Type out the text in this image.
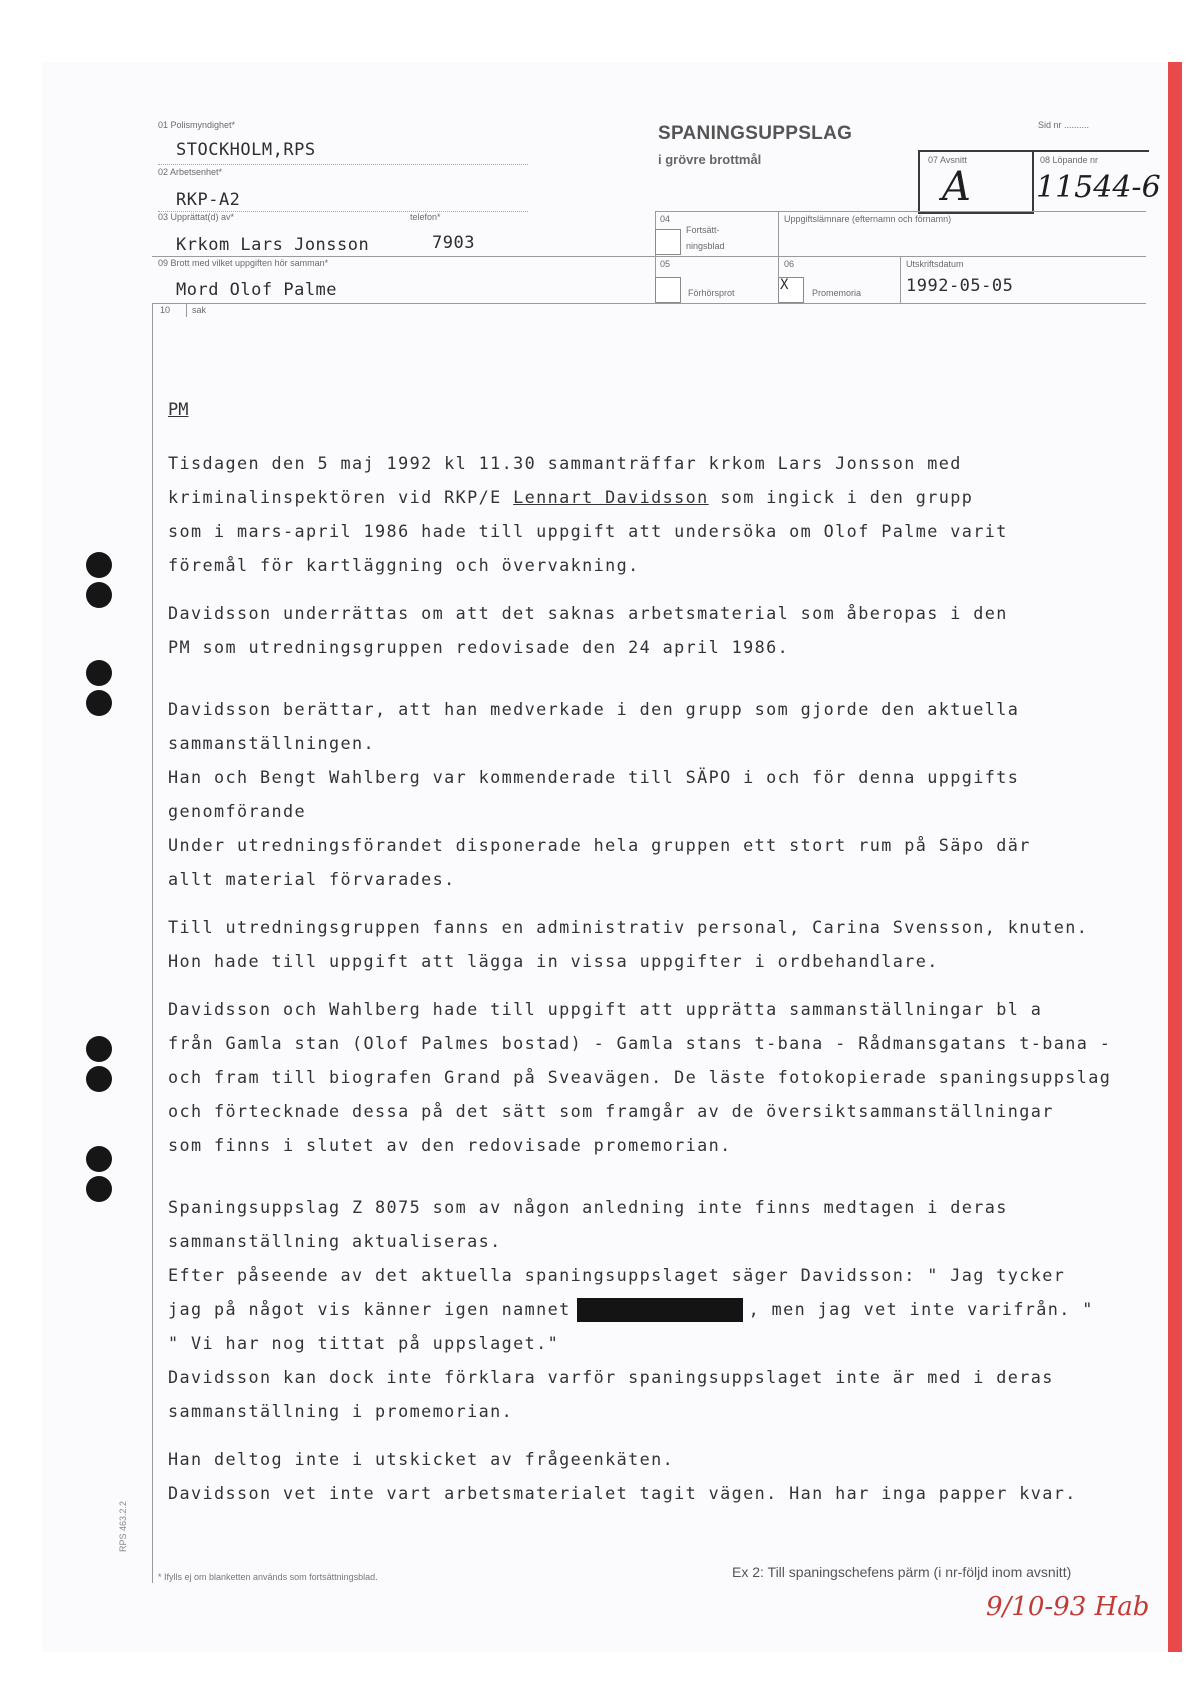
01 Polismyndighet*
STOCKHOLM,RPS
02 Arbetsenhet*
RKP-A2
03 Upprättat(d) av*	telefon*
Krkom Lars Jonsson	7903
09 Brott med vilket uppgiften hör samman*
Mord Olof Palme
10 sak
SPANINGSUPPSLAG
i grövre brottmål
Sid nr ..........
07 Avsnitt
A
08 Löpande nr
11544-6
04
Fortsätt-
ningsblad
Uppgiftslämnare (efternamn och förnamn)
05
Förhörsprot
06
X	Promemoria
Utskriftsdatum
1992-05-05
PM
Tisdagen den 5 maj 1992 kl 11.30 sammanträffar krkom Lars Jonsson med
kriminalinspektören vid RKP/E Lennart Davidsson som ingick i den grupp
som i mars-april 1986 hade till uppgift att undersöka om Olof Palme varit
föremål för kartläggning och övervakning.
Davidsson underrättas om att det saknas arbetsmaterial som åberopas i den
PM som utredningsgruppen redovisade den 24 april 1986.
Davidsson berättar, att han medverkade i den grupp som gjorde den aktuella
sammanställningen.
Han och Bengt Wahlberg var kommenderade till SÄPO i och för denna uppgifts
genomförande
Under utredningsförandet disponerade hela gruppen ett stort rum på Säpo där
allt material förvarades.
Till utredningsgruppen fanns en administrativ personal, Carina Svensson, knuten.
Hon hade till uppgift att lägga in vissa uppgifter i ordbehandlare.
Davidsson och Wahlberg hade till uppgift att upprätta sammanställningar bl a
från Gamla stan (Olof Palmes bostad) - Gamla stans t-bana - Rådmansgatans t-bana -
och fram till biografen Grand på Sveavägen. De läste fotokopierade spaningsuppslag
och förtecknade dessa på det sätt som framgår av de översiktsammanställningar
som finns i slutet av den redovisade promemorian.
Spaningsuppslag Z 8075 som av någon anledning inte finns medtagen i deras
sammanställning aktualiseras.
Efter påseende av det aktuella spaningsuppslaget säger Davidsson: " Jag tycker
jag på något vis känner igen namnet	, men jag vet inte varifrån. "
" Vi har nog tittat på uppslaget."
Davidsson kan dock inte förklara varför spaningsuppslaget inte är med i deras
sammanställning i promemorian.
Han deltog inte i utskicket av frågeenkäten.
Davidsson vet inte vart arbetsmaterialet tagit vägen. Han har inga papper kvar.
RPS 463.2.2
* Ifylls ej om blanketten används som fortsättningsblad.	Ex 2: Till spaningschefens pärm (i nr-följd inom avsnitt)
9/10-93 Hab
